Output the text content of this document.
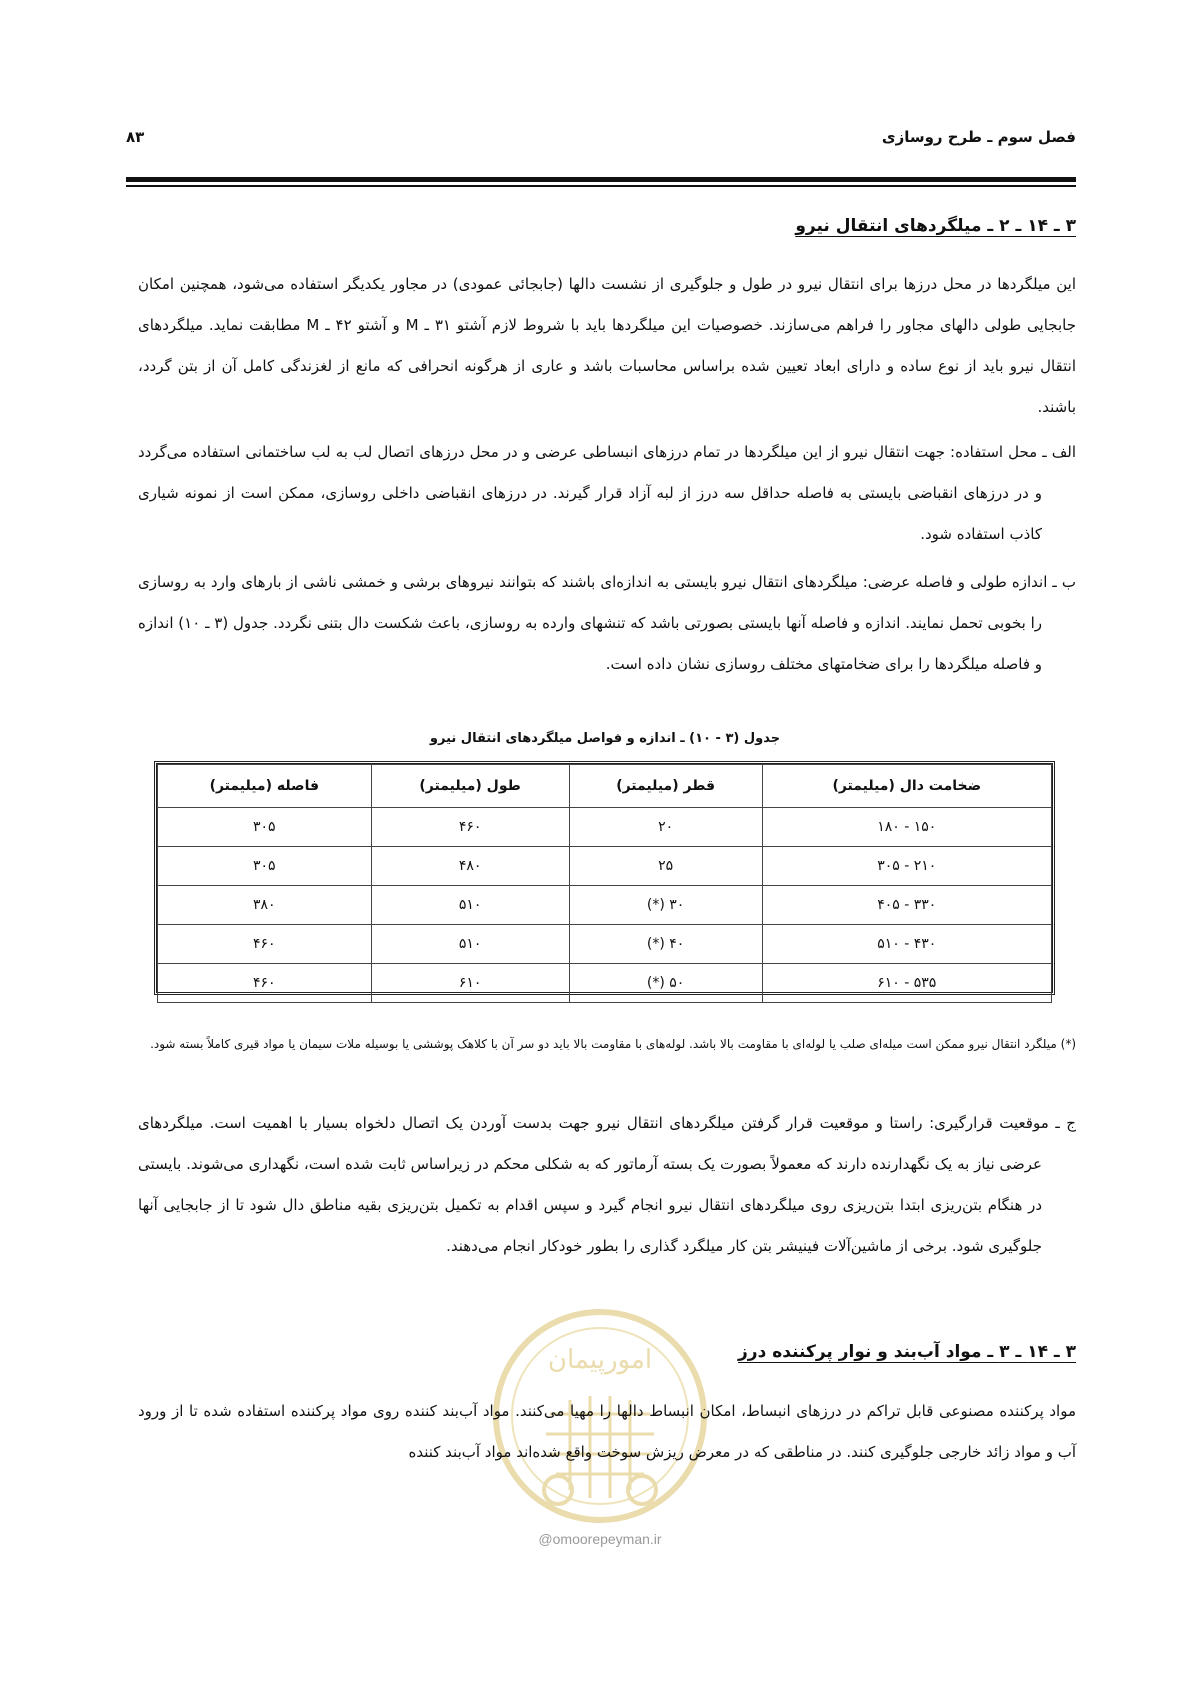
فصل سوم ـ طرح روسازی
۸۳
۳ ـ ۱۴ ـ ۲ ـ میلگردهای انتقال نیرو

این میلگردها در محل درزها برای انتقال نیرو در طول و جلوگیری از نشست دالها (جابجائی عمودی) در مجاور یکدیگر استفاده می‌شود، همچنین امکان جابجایی طولی دالهای مجاور را فراهم می‌سازند. خصوصیات این میلگردها باید با شروط لازم آشتو ۳۱ ـ M و آشتو ۴۲ ـ M مطابقت نماید. میلگردهای انتقال نیرو باید از نوع ساده و دارای ابعاد تعیین شده براساس محاسبات باشد و عاری از هرگونه انحرافی که مانع از لغزندگی کامل آن از بتن گردد، باشند.

الف ـ محل استفاده: جهت انتقال نیرو از این میلگردها در تمام درزهای انبساطی عرضی و در محل درزهای اتصال لب به لب ساختمانی استفاده می‌گردد و در درزهای انقباضی بایستی به فاصله حداقل سه درز از لبه آزاد قرار گیرند. در درزهای انقباضی داخلی روسازی، ممکن است از نمونه شیاری کاذب استفاده شود.

ب ـ اندازه طولی و فاصله عرضی: میلگردهای انتقال نیرو بایستی به اندازه‌ای باشند که بتوانند نیروهای برشی و خمشی ناشی از بارهای وارد به روسازی را بخوبی تحمل نمایند. اندازه و فاصله آنها بایستی بصورتی باشد که تنشهای وارده به روسازی، باعث شکست دال بتنی نگردد. جدول (۳ ـ ۱۰) اندازه و فاصله میلگردها را برای ضخامتهای مختلف روسازی نشان داده است.

جدول (۳ - ۱۰) ـ اندازه و فواصل میلگردهای انتقال نیرو
ضخامت دال (میلیمتر)	قطر (میلیمتر)	طول (میلیمتر)	فاصله (میلیمتر)
۱۵۰ - ۱۸۰	۲۰	۴۶۰	۳۰۵
۲۱۰ - ۳۰۵	۲۵	۴۸۰	۳۰۵
۳۳۰ - ۴۰۵	۳۰ (*)	۵۱۰	۳۸۰
۴۳۰ - ۵۱۰	۴۰ (*)	۵۱۰	۴۶۰
۵۳۵ - ۶۱۰	۵۰ (*)	۶۱۰	۴۶۰

(*) میلگرد انتقال نیرو ممکن است میله‌ای صلب یا لوله‌ای با مقاومت بالا باشد. لوله‌های با مقاومت بالا باید دو سر آن با کلاهک پوششی یا بوسیله ملات سیمان یا مواد قیری کاملاً بسته شود.

ج ـ موقعیت قرارگیری: راستا و موقعیت قرار گرفتن میلگردهای انتقال نیرو جهت بدست آوردن یک اتصال دلخواه بسیار با اهمیت است. میلگردهای عرضی نیاز به یک نگهدارنده دارند که معمولاً بصورت یک بسته آرماتور که به شکلی محکم در زیراساس ثابت شده است، نگهداری می‌شوند. بایستی در هنگام بتن‌ریزی ابتدا بتن‌ریزی روی میلگردهای انتقال نیرو انجام گیرد و سپس اقدام به تکمیل بتن‌ریزی بقیه مناطق دال شود تا از جابجایی آنها جلوگیری شود. برخی از ماشین‌آلات فینیشر بتن کار میلگرد گذاری را بطور خودکار انجام می‌دهند.

امورپیمان	۳ ـ ۱۴ ـ ۳ ـ مواد آب‌بند و نوار پرکننده درز

مواد پرکننده مصنوعی قابل تراکم در درزهای انبساط، امکان انبساط دالها را مهیا می‌کنند. مواد آب‌بند کننده روی مواد پرکننده استفاده شده تا از ورود آب و مواد زائد خارجی جلوگیری کنند. در مناطقی که در معرض ریزش سوخت واقع شده‌اند مواد آب‌بند کننده

@omoorepeyman.ir
